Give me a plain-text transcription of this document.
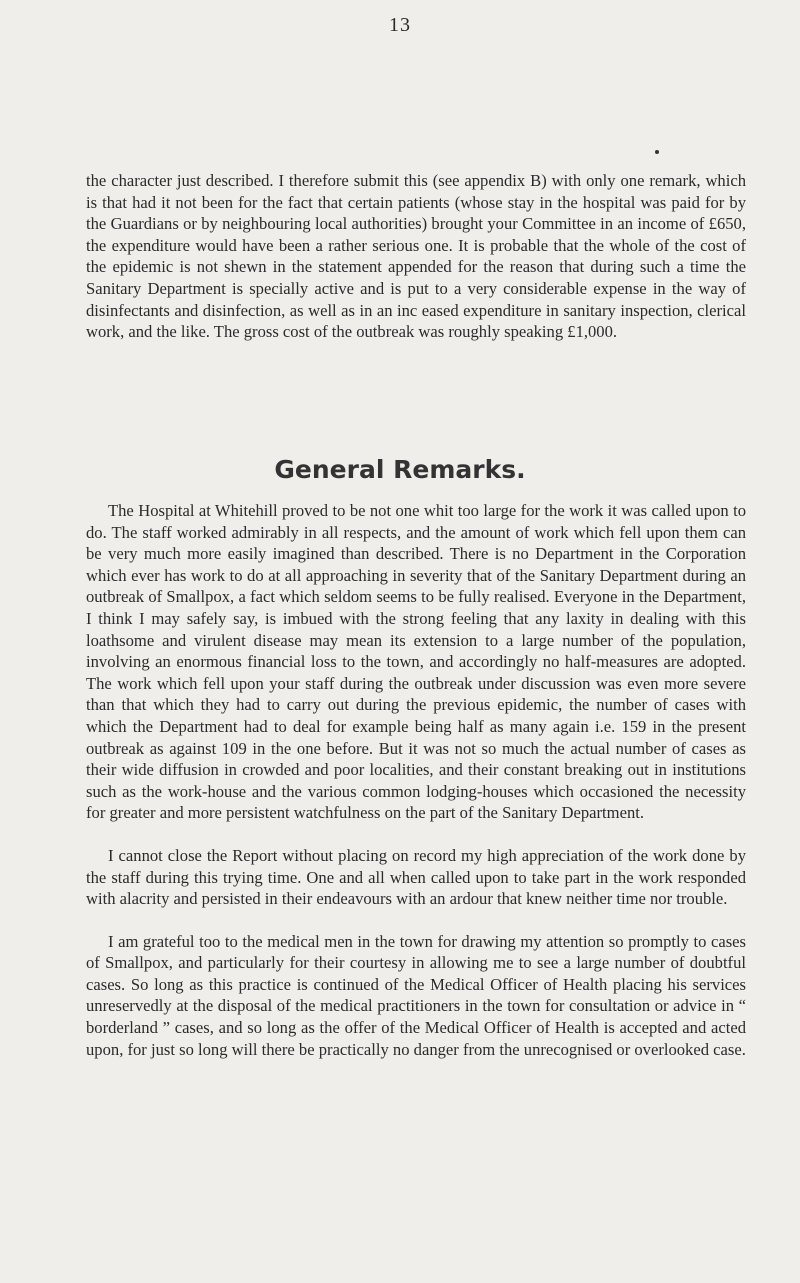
13

the character just described. I therefore submit this (see appendix B) with only one remark, which is that had it not been for the fact that certain patients (whose stay in the hospital was paid for by the Guardians or by neighbouring local authorities) brought your Committee in an income of £650, the expenditure would have been a rather serious one. It is probable that the whole of the cost of the epidemic is not shewn in the statement appended for the reason that during such a time the Sanitary Department is specially active and is put to a very considerable expense in the way of disinfectants and disinfection, as well as in an inc eased expenditure in sanitary inspection, clerical work, and the like. The gross cost of the outbreak was roughly speaking £1,000.

General Remarks.

The Hospital at Whitehill proved to be not one whit too large for the work it was called upon to do. The staff worked admirably in all respects, and the amount of work which fell upon them can be very much more easily imagined than described. There is no Department in the Corporation which ever has work to do at all approaching in severity that of the Sanitary Department during an outbreak of Smallpox, a fact which seldom seems to be fully realised. Everyone in the Department, I think I may safely say, is imbued with the strong feeling that any laxity in dealing with this loathsome and virulent disease may mean its extension to a large number of the population, involving an enormous financial loss to the town, and accordingly no half-measures are adopted. The work which fell upon your staff during the outbreak under discussion was even more severe than that which they had to carry out during the previous epidemic, the number of cases with which the Department had to deal for example being half as many again i.e. 159 in the present outbreak as against 109 in the one before. But it was not so much the actual number of cases as their wide diffusion in crowded and poor localities, and their constant breaking out in institutions such as the work-house and the various common lodging-houses which occasioned the necessity for greater and more persistent watchfulness on the part of the Sanitary Department.

I cannot close the Report without placing on record my high appreciation of the work done by the staff during this trying time. One and all when called upon to take part in the work responded with alacrity and persisted in their endeavours with an ardour that knew neither time nor trouble.

I am grateful too to the medical men in the town for drawing my attention so promptly to cases of Smallpox, and particularly for their courtesy in allowing me to see a large number of doubtful cases. So long as this practice is continued of the Medical Officer of Health placing his services unreservedly at the disposal of the medical practitioners in the town for consultation or advice in “ borderland ” cases, and so long as the offer of the Medical Officer of Health is accepted and acted upon, for just so long will there be practically no danger from the unrecognised or overlooked case.
